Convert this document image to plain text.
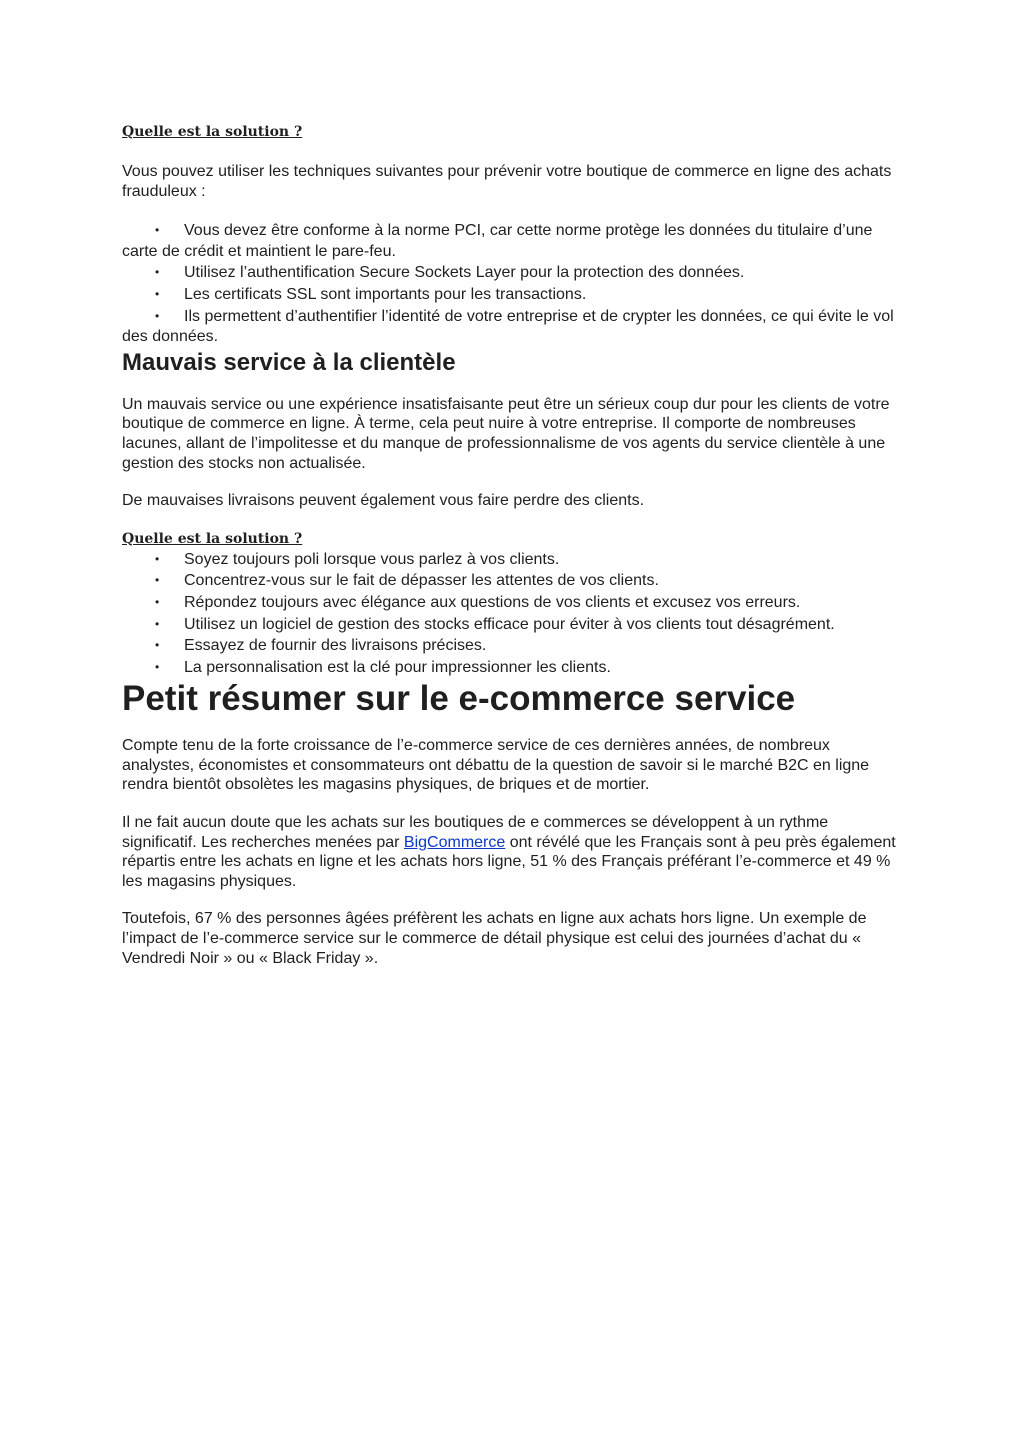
Quelle est la solution ?

Vous pouvez utiliser les techniques suivantes pour prévenir votre boutique de commerce en ligne des achats frauduleux :

• Vous devez être conforme à la norme PCI, car cette norme protège les données du titulaire d’une carte de crédit et maintient le pare-feu.
• Utilisez l’authentification Secure Sockets Layer pour la protection des données.
• Les certificats SSL sont importants pour les transactions.
• Ils permettent d’authentifier l’identité de votre entreprise et de crypter les données, ce qui évite le vol des données.
Mauvais service à la clientèle

Un mauvais service ou une expérience insatisfaisante peut être un sérieux coup dur pour les clients de votre boutique de commerce en ligne. À terme, cela peut nuire à votre entreprise. Il comporte de nombreuses lacunes, allant de l’impolitesse et du manque de professionnalisme de vos agents du service clientèle à une gestion des stocks non actualisée.

De mauvaises livraisons peuvent également vous faire perdre des clients.

Quelle est la solution ?
• Soyez toujours poli lorsque vous parlez à vos clients.
• Concentrez-vous sur le fait de dépasser les attentes de vos clients.
• Répondez toujours avec élégance aux questions de vos clients et excusez vos erreurs.
• Utilisez un logiciel de gestion des stocks efficace pour éviter à vos clients tout désagrément.
• Essayez de fournir des livraisons précises.
• La personnalisation est la clé pour impressionner les clients.
Petit résumer sur le e-commerce service

Compte tenu de la forte croissance de l’e-commerce service de ces dernières années, de nombreux analystes, économistes et consommateurs ont débattu de la question de savoir si le marché B2C en ligne rendra bientôt obsolètes les magasins physiques, de briques et de mortier.

Il ne fait aucun doute que les achats sur les boutiques de e commerces se développent à un rythme significatif. Les recherches menées par BigCommerce ont révélé que les Français sont à peu près également répartis entre les achats en ligne et les achats hors ligne, 51 % des Français préférant l’e-commerce et 49 % les magasins physiques.

Toutefois, 67 % des personnes âgées préfèrent les achats en ligne aux achats hors ligne. Un exemple de l’impact de l’e-commerce service sur le commerce de détail physique est celui des journées d’achat du « Vendredi Noir » ou « Black Friday ».
